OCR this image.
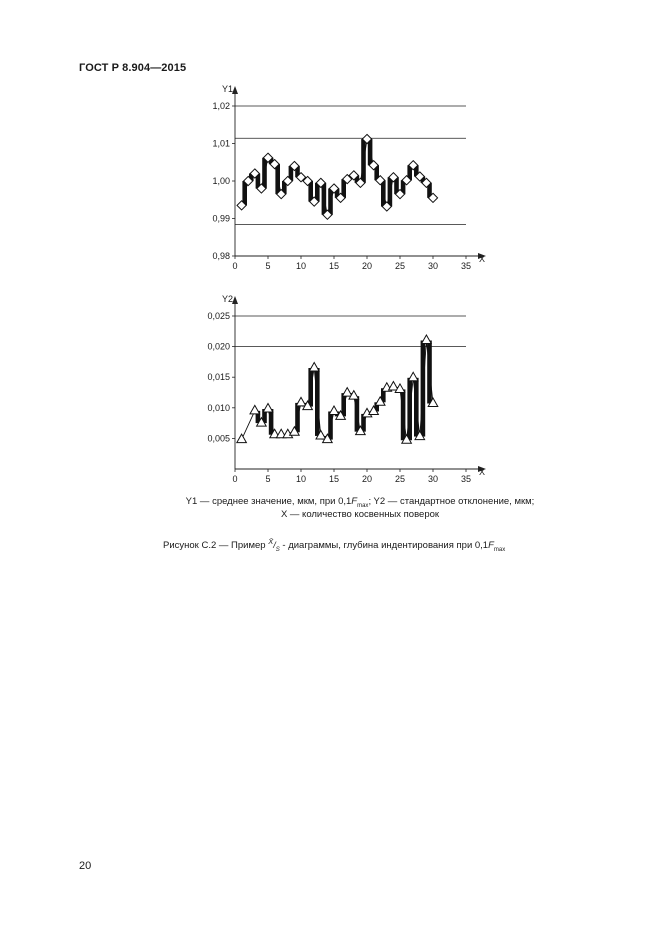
ГОСТ Р 8.904—2015
0,98
0,99
1,00
1,01
1,02
0	5	10	15	20	25	30	35
Y1
X
0,005
0,010
0,015
0,020
0,025
0	5	10	15	20	25	30	35
Y2
X
Y1 — среднее значение, мкм, при $0,1F_{max}$; Y2 — стандартное отклонение, мкм;
X — количество косвенных поверок
Рисунок С.2 — Пример $^{X̄}/_S$ - диаграммы, глубина индентирования при $0,1F_{max}$
20
